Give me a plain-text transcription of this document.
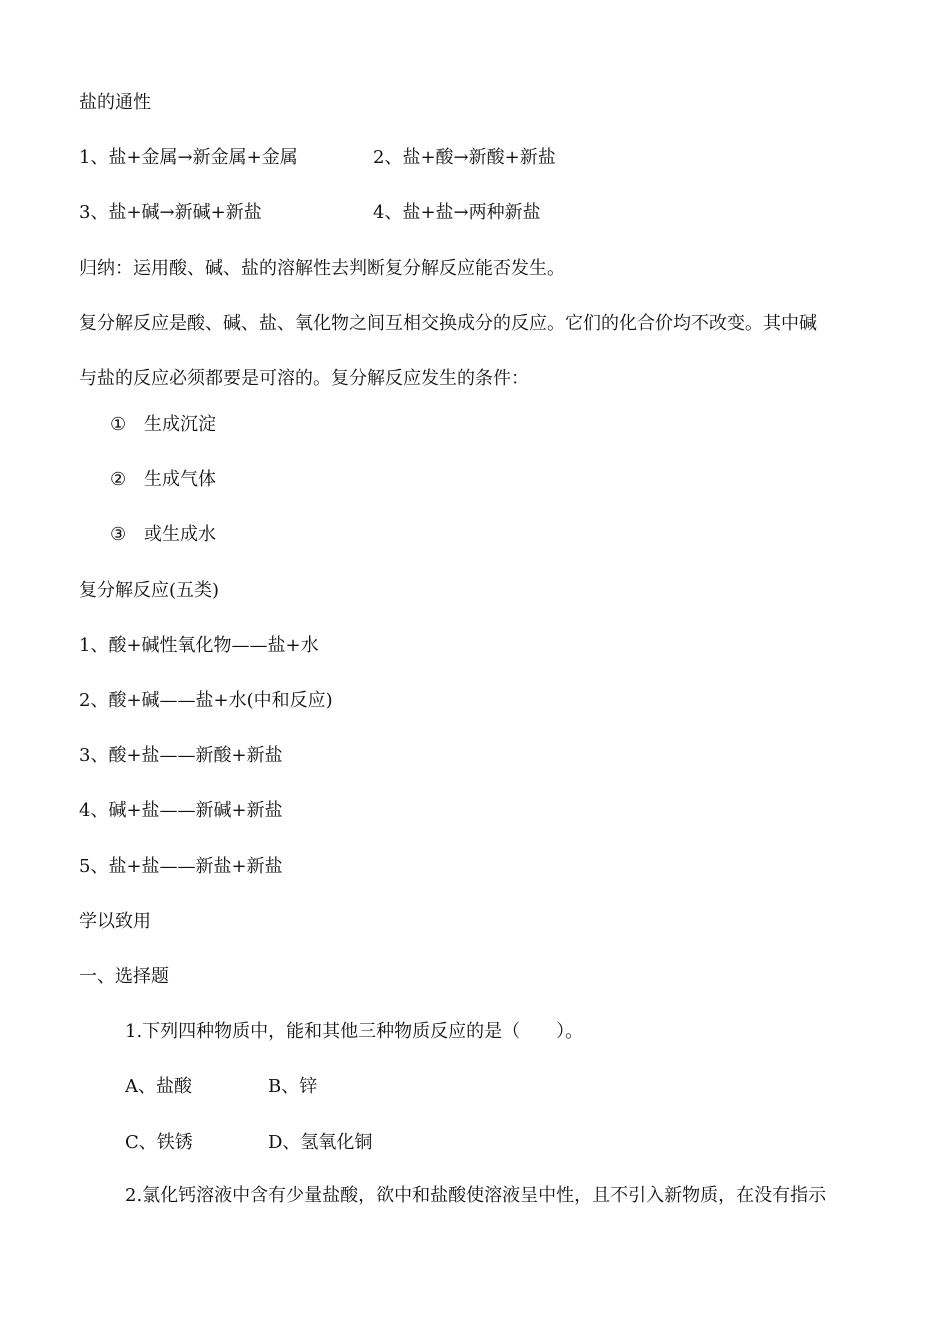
盐的通性
1、盐+金属→新金属+金属	2、盐+酸→新酸+新盐
3、盐+碱→新碱+新盐	4、盐+盐→两种新盐
归纳：运用酸、碱、盐的溶解性去判断复分解反应能否发生。
复分解反应是酸、碱、盐、氧化物之间互相交换成分的反应。它们的化合价均不改变。其中碱
与盐的反应必须都要是可溶的。复分解反应发生的条件：
① 生成沉淀
② 生成气体
③ 或生成水
复分解反应(五类)
1、酸+碱性氧化物——盐+水
2、酸+碱——盐+水(中和反应)
3、酸+盐——新酸+新盐
4、碱+盐——新碱+新盐
5、盐+盐——新盐+新盐
学以致用
一、选择题
1.下列四种物质中，能和其他三种物质反应的是（　　）。
A、盐酸	B、锌
C、铁锈	D、氢氧化铜
2.氯化钙溶液中含有少量盐酸，欲中和盐酸使溶液呈中性，且不引入新物质，在没有指示
